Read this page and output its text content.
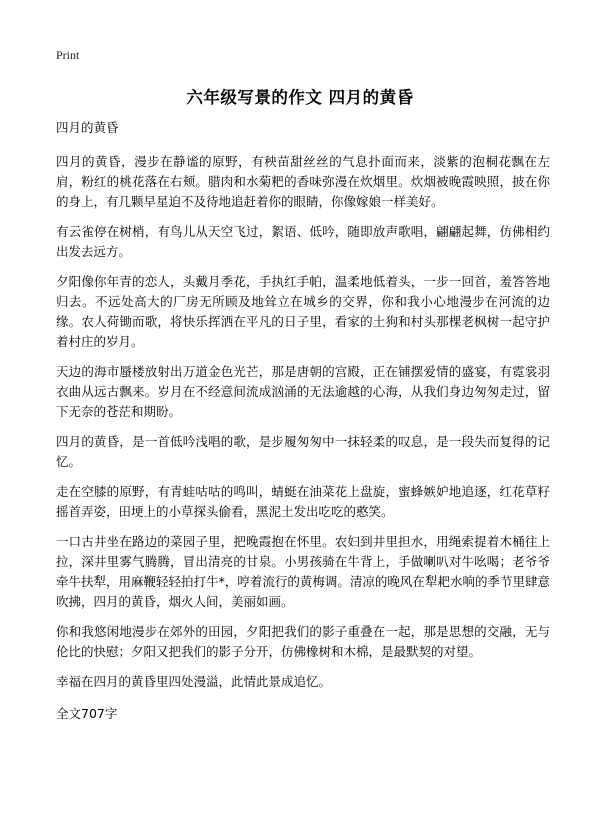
Print
六年级写景的作文 四月的黄昏
四月的黄昏

四月的黄昏，漫步在静谧的原野，有秧苗甜丝丝的气息扑面而来，淡紫的泡桐花飘在左肩，粉红的桃花落在右颊。腊肉和水菊粑的香味弥漫在炊烟里。炊烟被晚霞映照，披在你的身上，有几颗早星迫不及待地追赶着你的眼睛，你像嫁娘一样美好。

有云雀停在树梢，有鸟儿从天空飞过，絮语、低吟，随即放声歌唱，翩翩起舞，仿佛相约出发去远方。

夕阳像你年青的恋人，头戴月季花，手执红手帕，温柔地低着头，一步一回首，羞答答地归去。不远处高大的厂房无所顾及地耸立在城乡的交界，你和我小心地漫步在河流的边缘。农人荷锄而歌，将快乐挥洒在平凡的日子里，看家的土狗和村头那棵老枫树一起守护着村庄的岁月。

天边的海市蜃楼放射出万道金色光芒，那是唐朝的宫殿，正在铺摆爱情的盛宴，有霓裳羽衣曲从远古飘来。岁月在不经意间流成汹涌的无法逾越的心海，从我们身边匆匆走过，留下无奈的苍茫和期盼。

四月的黄昏，是一首低吟浅唱的歌，是步履匆匆中一抹轻柔的叹息，是一段失而复得的记忆。

走在空膝的原野，有青蛙咕咕的鸣叫，蜻蜓在油菜花上盘旋，蜜蜂嫉妒地追逐，红花草籽摇首弄姿，田埂上的小草探头偷看，黑泥土发出吃吃的憨笑。

一口古井坐在路边的菜园子里，把晚霞抱在怀里。农妇到井里担水，用绳索提着木桶往上拉，深井里雾气腾腾，冒出清亮的甘泉。小男孩骑在牛背上，手做喇叭对牛吆喝；老爷爷牵牛扶犁，用麻鞭轻轻拍打牛*，哼着流行的黄梅调。清凉的晚风在犁耙水响的季节里肆意吹拂，四月的黄昏，烟火人间，美丽如画。

你和我悠闲地漫步在郊外的田园，夕阳把我们的影子重叠在一起，那是思想的交融，无与伦比的快慰；夕阳又把我们的影子分开，仿佛橡树和木棉，是最默契的对望。

幸福在四月的黄昏里四处漫溢，此情此景成追忆。

全文707字
